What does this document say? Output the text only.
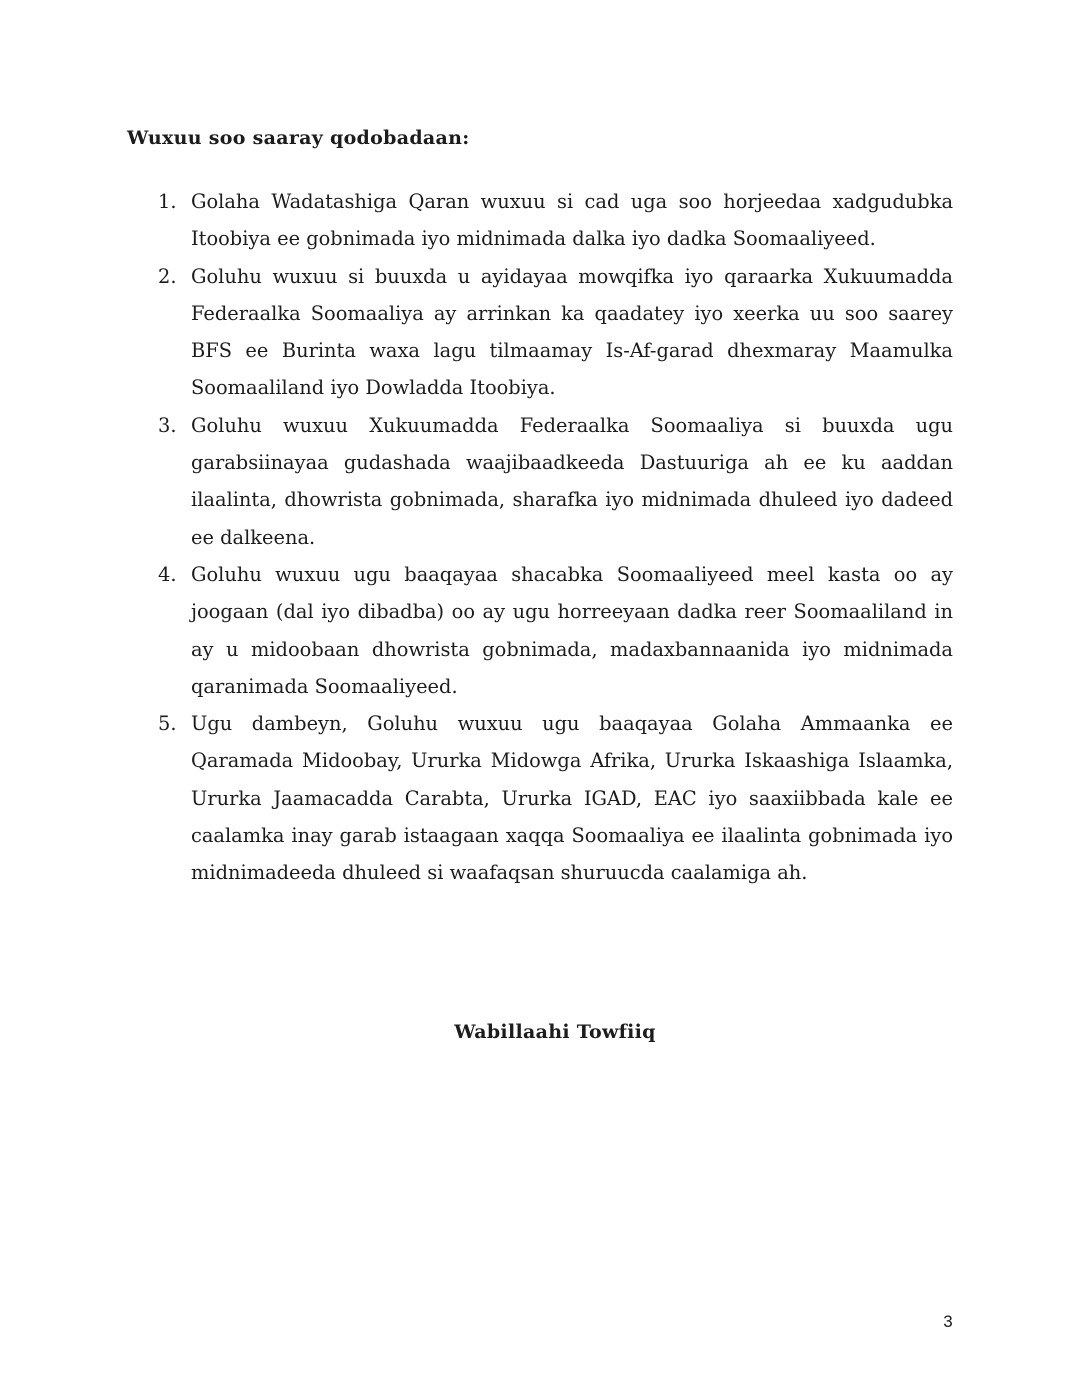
Wuxuu soo saaray qodobadaan:

1. Golaha Wadatashiga Qaran wuxuu si cad uga soo horjeedaa xadgudubka Itoobiya ee gobnimada iyo midnimada dalka iyo dadka Soomaaliyeed.
2. Goluhu wuxuu si buuxda u ayidayaa mowqifka iyo qaraarka Xukuumadda Federaalka Soomaaliya ay arrinkan ka qaadatey iyo xeerka uu soo saarey BFS ee Burinta waxa lagu tilmaamay Is-Af-garad dhexmaray Maamulka Soomaaliland iyo Dowladda Itoobiya.
3. Goluhu wuxuu Xukuumadda Federaalka Soomaaliya si buuxda ugu garabsiinayaa gudashada waajibaadkeeda Dastuuriga ah ee ku aaddan ilaalinta, dhowrista gobnimada, sharafka iyo midnimada dhuleed iyo dadeed ee dalkeena.
4. Goluhu wuxuu ugu baaqayaa shacabka Soomaaliyeed meel kasta oo ay joogaan (dal iyo dibadba) oo ay ugu horreeyaan dadka reer Soomaaliland in ay u midoobaan dhowrista gobnimada, madaxbannaanida iyo midnimada qaranimada Soomaaliyeed.
5. Ugu dambeyn, Goluhu wuxuu ugu baaqayaa Golaha Ammaanka ee Qaramada Midoobay, Ururka Midowga Afrika, Ururka Iskaashiga Islaamka, Ururka Jaamacadda Carabta, Ururka IGAD, EAC iyo saaxiibbada kale ee caalamka inay garab istaagaan xaqqa Soomaaliya ee ilaalinta gobnimada iyo midnimadeeda dhuleed si waafaqsan shuruucda caalamiga ah.

Wabillaahi Towfiiq

3
